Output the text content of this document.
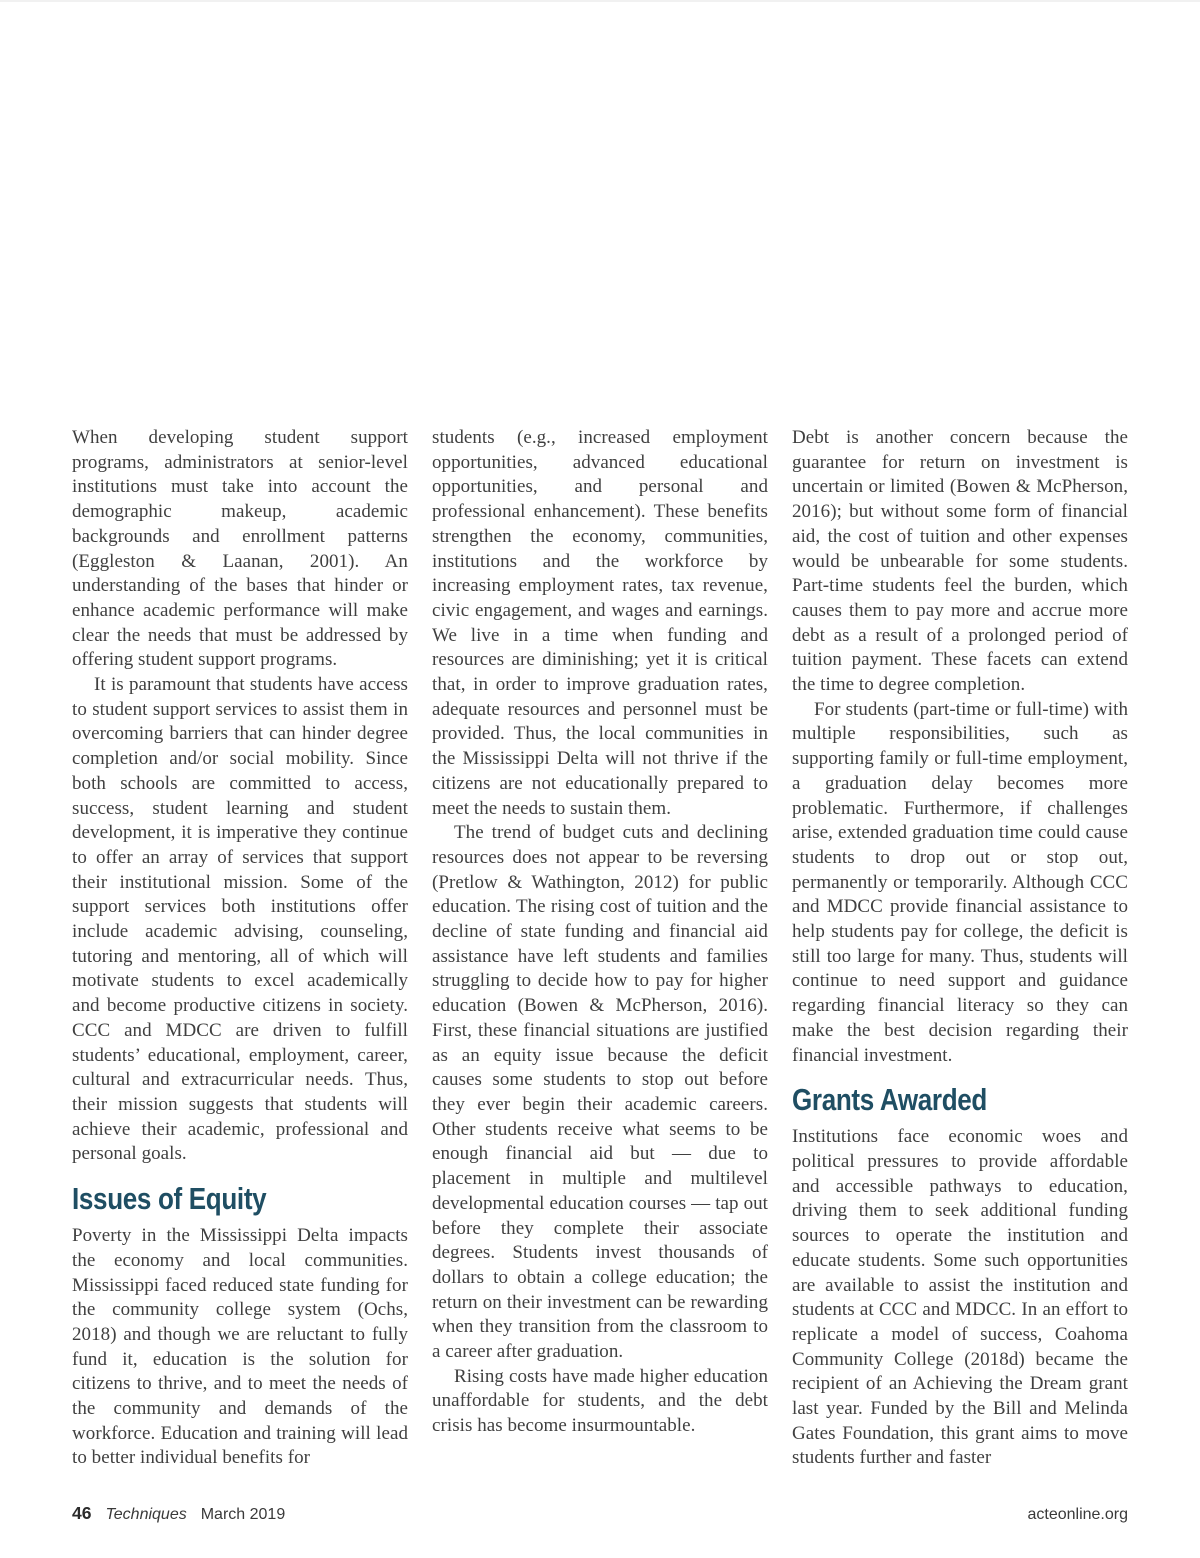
When developing student support programs, administrators at senior-level institutions must take into account the demographic makeup, academic backgrounds and enrollment patterns (Eggleston & Laanan, 2001). An understanding of the bases that hinder or enhance academic performance will make clear the needs that must be addressed by offering student support programs.

It is paramount that students have access to student support services to assist them in overcoming barriers that can hinder degree completion and/or social mobility. Since both schools are committed to access, success, student learning and student development, it is imperative they continue to offer an array of services that support their institutional mission. Some of the support services both institutions offer include academic advising, counseling, tutoring and mentoring, all of which will motivate students to excel academically and become productive citizens in society. CCC and MDCC are driven to fulfill students’ educational, employment, career, cultural and extracurricular needs. Thus, their mission suggests that students will achieve their academic, professional and personal goals.

Issues of Equity

Poverty in the Mississippi Delta impacts the economy and local communities. Mississippi faced reduced state funding for the community college system (Ochs, 2018) and though we are reluctant to fully fund it, education is the solution for citizens to thrive, and to meet the needs of the community and demands of the workforce. Education and training will lead to better individual benefits for

students (e.g., increased employment opportunities, advanced educational opportunities, and personal and professional enhancement). These benefits strengthen the economy, communities, institutions and the workforce by increasing employment rates, tax revenue, civic engagement, and wages and earnings. We live in a time when funding and resources are diminishing; yet it is critical that, in order to improve graduation rates, adequate resources and personnel must be provided. Thus, the local communities in the Mississippi Delta will not thrive if the citizens are not educationally prepared to meet the needs to sustain them.

The trend of budget cuts and declining resources does not appear to be reversing (Pretlow & Wathington, 2012) for public education. The rising cost of tuition and the decline of state funding and financial aid assistance have left students and families struggling to decide how to pay for higher education (Bowen & McPherson, 2016). First, these financial situations are justified as an equity issue because the deficit causes some students to stop out before they ever begin their academic careers. Other students receive what seems to be enough financial aid but — due to placement in multiple and multilevel developmental education courses — tap out before they complete their associate degrees. Students invest thousands of dollars to obtain a college education; the return on their investment can be rewarding when they transition from the classroom to a career after graduation.

Rising costs have made higher education unaffordable for students, and the debt crisis has become insurmountable.

Debt is another concern because the guarantee for return on investment is uncertain or limited (Bowen & McPherson, 2016); but without some form of financial aid, the cost of tuition and other expenses would be unbearable for some students. Part-time students feel the burden, which causes them to pay more and accrue more debt as a result of a prolonged period of tuition payment. These facets can extend the time to degree completion.

For students (part-time or full-time) with multiple responsibilities, such as supporting family or full-time employment, a graduation delay becomes more problematic. Furthermore, if challenges arise, extended graduation time could cause students to drop out or stop out, permanently or temporarily. Although CCC and MDCC provide financial assistance to help students pay for college, the deficit is still too large for many. Thus, students will continue to need support and guidance regarding financial literacy so they can make the best decision regarding their financial investment.

Grants Awarded

Institutions face economic woes and political pressures to provide affordable and accessible pathways to education, driving them to seek additional funding sources to operate the institution and educate students. Some such opportunities are available to assist the institution and students at CCC and MDCC. In an effort to replicate a model of success, Coahoma Community College (2018d) became the recipient of an Achieving the Dream grant last year. Funded by the Bill and Melinda Gates Foundation, this grant aims to move students further and faster

46 Techniques March 2019	acteonline.org
